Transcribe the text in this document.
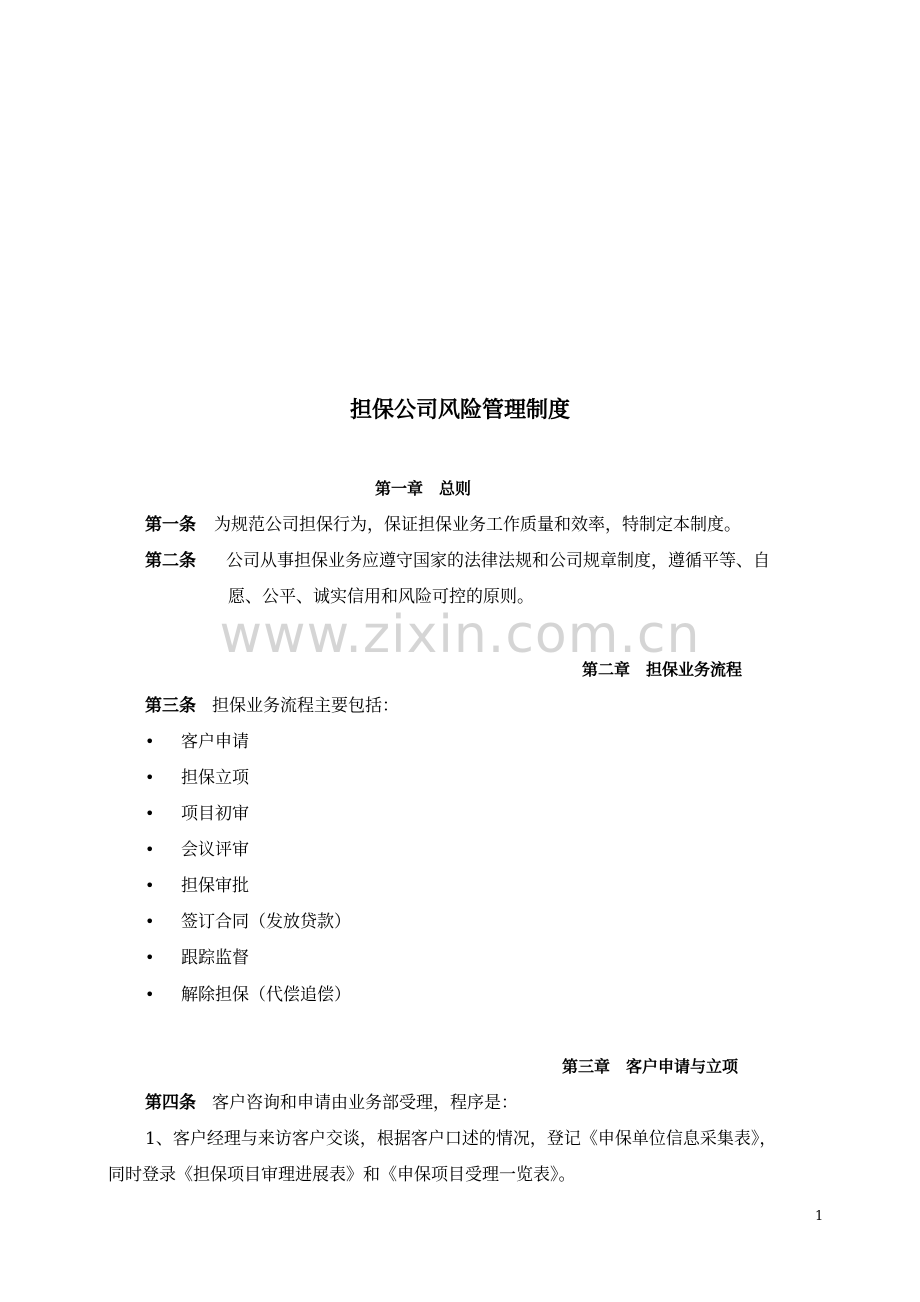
担保公司风险管理制度
第一章　总则
第一条 为规范公司担保行为，保证担保业务工作质量和效率，特制定本制度。
第二条 公司从事担保业务应遵守国家的法律法规和公司规章制度，遵循平等、自
愿、公平、诚实信用和风险可控的原则。
www.zixin.com.cn
第二章　担保业务流程
第三条 担保业务流程主要包括：
• 客户申请
• 担保立项
• 项目初审
• 会议评审
• 担保审批
• 签订合同（发放贷款）
• 跟踪监督
• 解除担保（代偿追偿）
第三章　客户申请与立项
第四条 客户咨询和申请由业务部受理，程序是：
1、客户经理与来访客户交谈，根据客户口述的情况，登记《申保单位信息采集表》，
同时登录《担保项目审理进展表》和《申保项目受理一览表》。
1
